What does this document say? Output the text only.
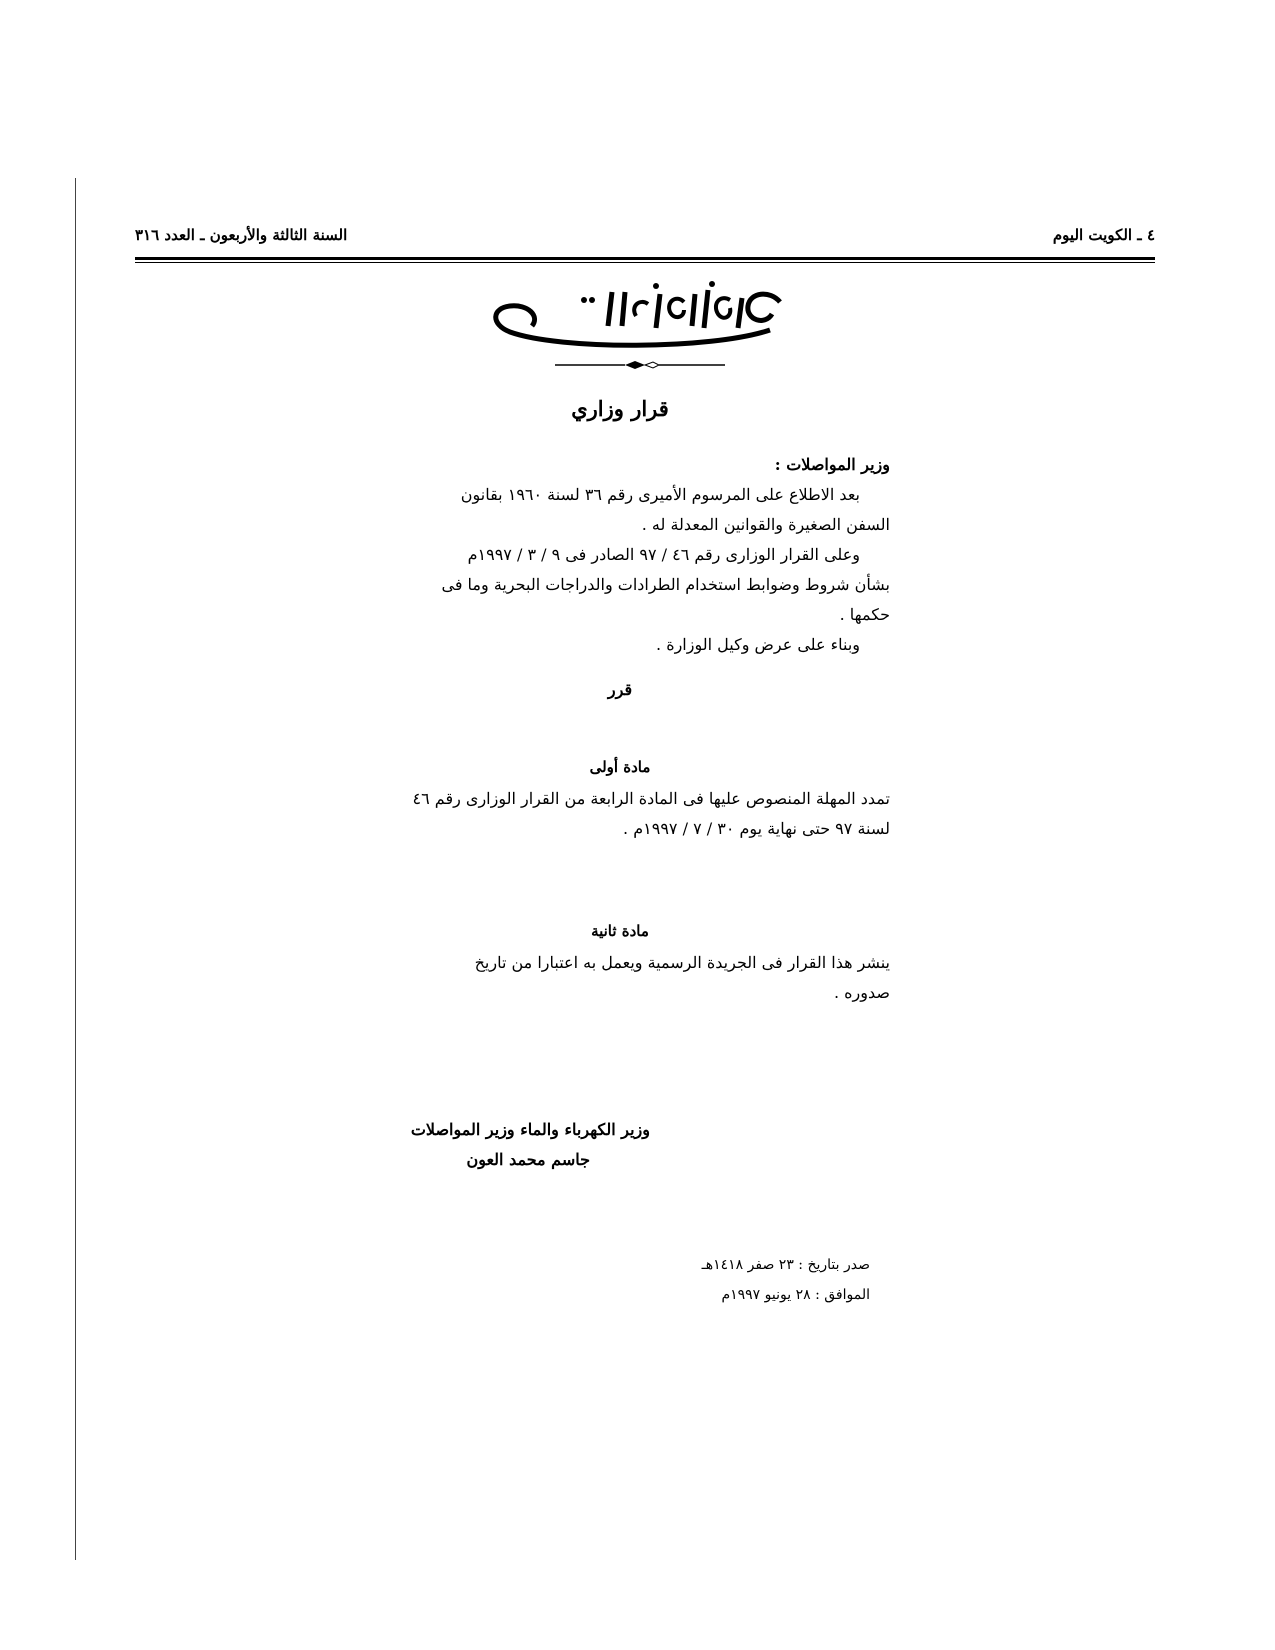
٤ ـ الكويت اليوم
السنة الثالثة والأربعون ـ العدد ٣١٦
قرار وزاري
وزير المواصلات :
بعد الاطلاع على المرسوم الأميرى رقم ٣٦ لسنة ١٩٦٠ بقانون
السفن الصغيرة والقوانين المعدلة له .
وعلى القرار الوزارى رقم ٤٦ / ٩٧ الصادر فى ٩ / ٣ / ١٩٩٧م
بشأن شروط وضوابط استخدام الطرادات والدراجات البحرية وما فى
حكمها .
وبناء على عرض وكيل الوزارة .
قرر
مادة أولى
تمدد المهلة المنصوص عليها فى المادة الرابعة من القرار الوزارى رقم ٤٦
لسنة ٩٧ حتى نهاية يوم ٣٠ / ٧ / ١٩٩٧م .
مادة ثانية
ينشر هذا القرار فى الجريدة الرسمية ويعمل به اعتبارا من تاريخ
صدوره .
وزير الكهرباء والماء وزير المواصلات
جاسم محمد العون
صدر بتاريخ : ٢٣ صفر ١٤١٨هـ
الموافق : ٢٨ يونيو ١٩٩٧م
